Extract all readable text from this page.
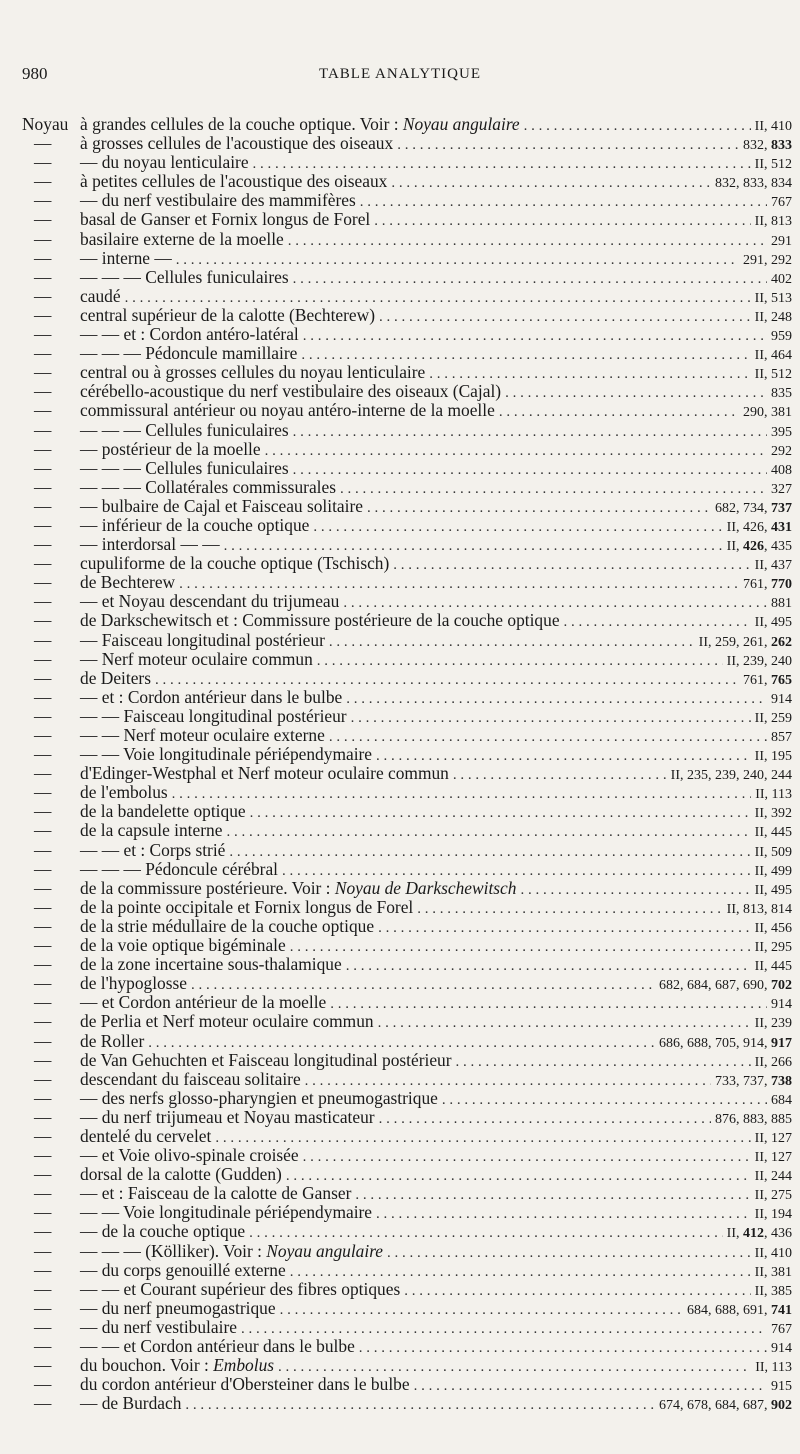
980	TABLE ANALYTIQUE
Noyau à grandes cellules de la couche optique. Voir : Noyau angulaire . . .	II, 410
—	à grosses cellules de l'acoustique des oiseaux . . .	832, 833
—	— du noyau lenticulaire . . .	II, 512
—	à petites cellules de l'acoustique des oiseaux . . .	832, 833, 834
—	— du nerf vestibulaire des mammifères . . .	767
—	basal de Ganser et Fornix longus de Forel . . .	II, 813
—	basilaire externe de la moelle . . .	291
—	— interne — . . .	291, 292
—	— — — Cellules funiculaires . . .	402
—	caudé . . .	II, 513
—	central supérieur de la calotte (Bechterew) . . .	II, 248
—	— — et : Cordon antéro-latéral . . .	959
—	— — — Pédoncule mamillaire . . .	II, 464
—	central ou à grosses cellules du noyau lenticulaire . . .	II, 512
—	cérébello-acoustique du nerf vestibulaire des oiseaux (Cajal) . . .	835
—	commissural antérieur ou noyau antéro-interne de la moelle . . .	290, 381
—	— — — Cellules funiculaires . . .	395
—	— postérieur de la moelle . . .	292
—	— — — Cellules funiculaires . . .	408
—	— — — Collatérales commissurales . . .	327
—	— bulbaire de Cajal et Faisceau solitaire . . .	682, 734, 737
—	— inférieur de la couche optique . . .	II, 426, 431
—	— interdorsal — — . . .	II, 426, 435
—	cupuliforme de la couche optique (Tschisch) . . .	II, 437
—	de Bechterew . . .	761, 770
—	— et Noyau descendant du trijumeau . . .	881
—	de Darkschewitsch et : Commissure postérieure de la couche optique . . .	II, 495
—	— Faisceau longitudinal postérieur . . .	II, 259, 261, 262
—	— Nerf moteur oculaire commun . . .	II, 239, 240
—	de Deiters . . .	761, 765
—	— et : Cordon antérieur dans le bulbe . . .	914
—	— — Faisceau longitudinal postérieur . . .	II, 259
—	— — Nerf moteur oculaire externe . . .	857
—	— — Voie longitudinale périépendymaire . . .	II, 195
—	d'Edinger-Westphal et Nerf moteur oculaire commun . . .	II, 235, 239, 240, 244
—	de l'embolus . . .	II, 113
—	de la bandelette optique . . .	II, 392
—	de la capsule interne . . .	II, 445
—	— — et : Corps strié . . .	II, 509
—	— — — Pédoncule cérébral . . .	II, 499
—	de la commissure postérieure. Voir : Noyau de Darkschewitsch . . .	II, 495
—	de la pointe occipitale et Fornix longus de Forel . . .	II, 813, 814
—	de la strie médullaire de la couche optique . . .	II, 456
—	de la voie optique bigéminale . . .	II, 295
—	de la zone incertaine sous-thalamique . . .	II, 445
—	de l'hypoglosse . . .	682, 684, 687, 690, 702
—	— et Cordon antérieur de la moelle . . .	914
—	de Perlia et Nerf moteur oculaire commun . . .	II, 239
—	de Roller . . .	686, 688, 705, 914, 917
—	de Van Gehuchten et Faisceau longitudinal postérieur . . .	II, 266
—	descendant du faisceau solitaire . . .	733, 737, 738
—	— des nerfs glosso-pharyngien et pneumogastrique . . .	684
—	— du nerf trijumeau et Noyau masticateur . . .	876, 883, 885
—	dentelé du cervelet . . .	II, 127
—	— et Voie olivo-spinale croisée . . .	II, 127
—	dorsal de la calotte (Gudden) . . .	II, 244
—	— et : Faisceau de la calotte de Ganser . . .	II, 275
—	— — Voie longitudinale périépendymaire . . .	II, 194
—	— de la couche optique . . .	II, 412, 436
—	— — — (Kölliker). Voir : Noyau angulaire . . .	II, 410
—	— du corps genouillé externe . . .	II, 381
—	— — et Courant supérieur des fibres optiques . . .	II, 385
—	— du nerf pneumogastrique . . .	684, 688, 691, 741
—	— du nerf vestibulaire . . .	767
—	— — et Cordon antérieur dans le bulbe . . .	914
—	du bouchon. Voir : Embolus . . .	II, 113
—	du cordon antérieur d'Obersteiner dans le bulbe . . .	915
—	— de Burdach . . .	674, 678, 684, 687, 902
